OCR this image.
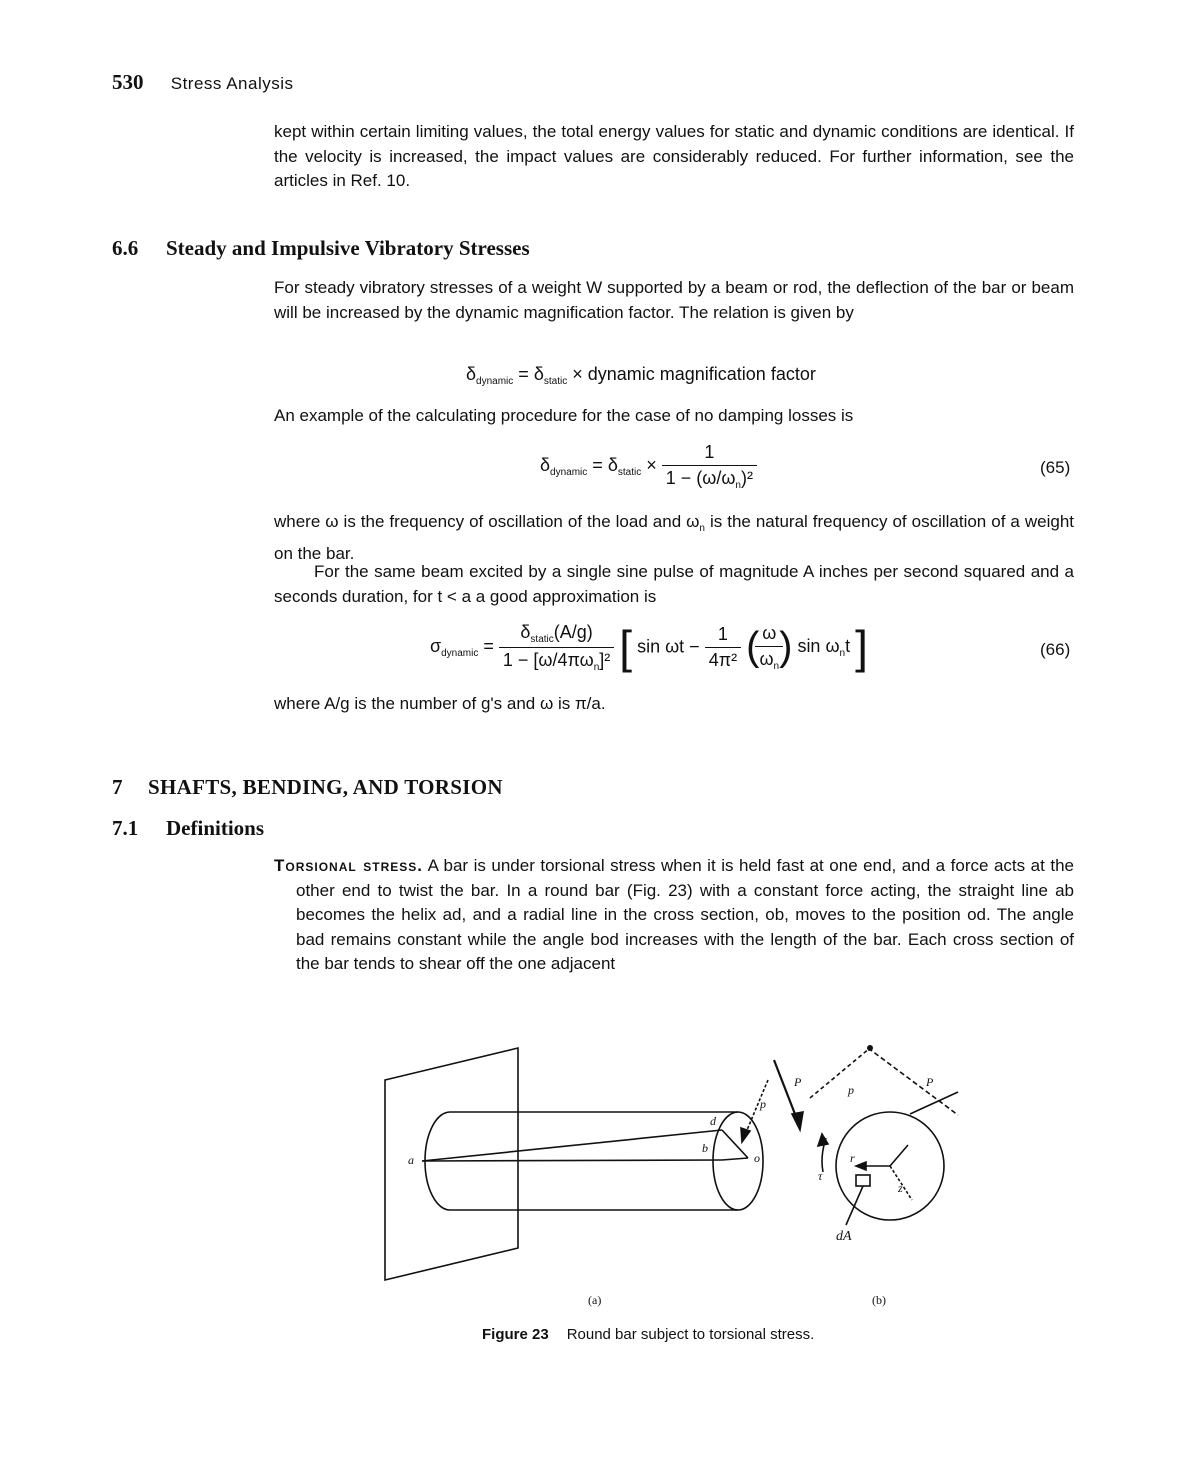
530 Stress Analysis
kept within certain limiting values, the total energy values for static and dynamic conditions are identical. If the velocity is increased, the impact values are considerably reduced. For further information, see the articles in Ref. 10.
6.6 Steady and Impulsive Vibratory Stresses
For steady vibratory stresses of a weight W supported by a beam or rod, the deflection of the bar or beam will be increased by the dynamic magnification factor. The relation is given by
$\delta_{dynamic} = \delta_{static}$ × dynamic magnification factor
An example of the calculating procedure for the case of no damping losses is
$\delta_{dynamic} = \delta_{static} \times \frac{1}{1 - (\omega/\omega_n)^2}$	(65)
where ω is the frequency of oscillation of the load and $\omega_n$ is the natural frequency of oscillation of a weight on the bar.
For the same beam excited by a single sine pulse of magnitude A inches per second squared and a seconds duration, for t < a a good approximation is
$\sigma_{dynamic} = \frac{\delta_{static}(A/g)}{1 - [\omega/4\pi\omega_n]^2}$ [ $\sin \omega t - \frac{1}{\text{4π²}}$ (
$\frac{\omega}{\omega_n}$
) $\sin \omega_nt$ ]	(66)
where A/g is the number of g's and ω is π/a.
7 SHAFTS, BENDING, AND TORSION
7.1 Definitions
Torsional stress. A bar is under torsional stress when it is held fast at one end, and a force acts at the other end to twist the bar. In a round bar (Fig. 23) with a constant force acting, the straight line ab becomes the helix ad, and a radial line in the cross section, ob, moves to the position od. The angle bad remains constant while the angle bod increases with the length of the bar. Each cross section of the bar tends to shear off the one adjacent
a
d
b
o
P
p
P
p
r
τ
z
dA
(a)	(b)
Figure 23 Round bar subject to torsional stress.
